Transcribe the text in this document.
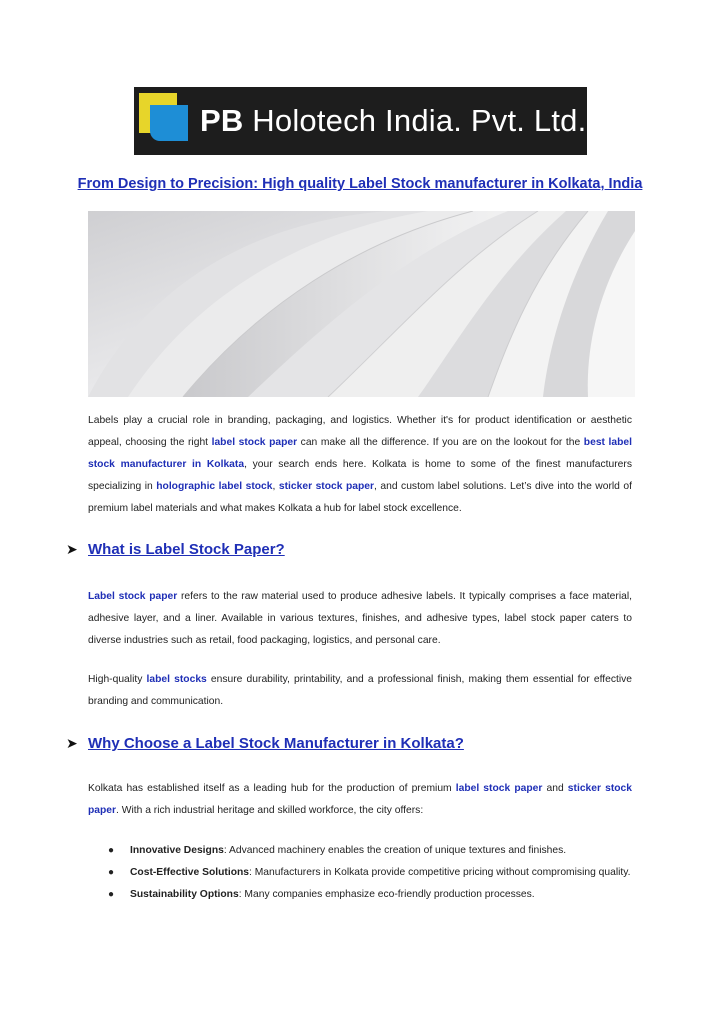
PB Holotech India. Pvt. Ltd.
From Design to Precision: High quality Label Stock manufacturer in Kolkata, India

Labels play a crucial role in branding, packaging, and logistics. Whether it's for product identification or aesthetic appeal, choosing the right label stock paper can make all the difference. If you are on the lookout for the best label stock manufacturer in Kolkata, your search ends here. Kolkata is home to some of the finest manufacturers specializing in holographic label stock, sticker stock paper, and custom label solutions. Let’s dive into the world of premium label materials and what makes Kolkata a hub for label stock excellence.

➤ What is Label Stock Paper?

Label stock paper refers to the raw material used to produce adhesive labels. It typically comprises a face material, adhesive layer, and a liner. Available in various textures, finishes, and adhesive types, label stock paper caters to diverse industries such as retail, food packaging, logistics, and personal care.

High-quality label stocks ensure durability, printability, and a professional finish, making them essential for effective branding and communication.

➤ Why Choose a Label Stock Manufacturer in Kolkata?

Kolkata has established itself as a leading hub for the production of premium label stock paper and sticker stock paper. With a rich industrial heritage and skilled workforce, the city offers:

● Innovative Designs: Advanced machinery enables the creation of unique textures and finishes.
● Cost-Effective Solutions: Manufacturers in Kolkata provide competitive pricing without compromising quality.
● Sustainability Options: Many companies emphasize eco-friendly production processes.
